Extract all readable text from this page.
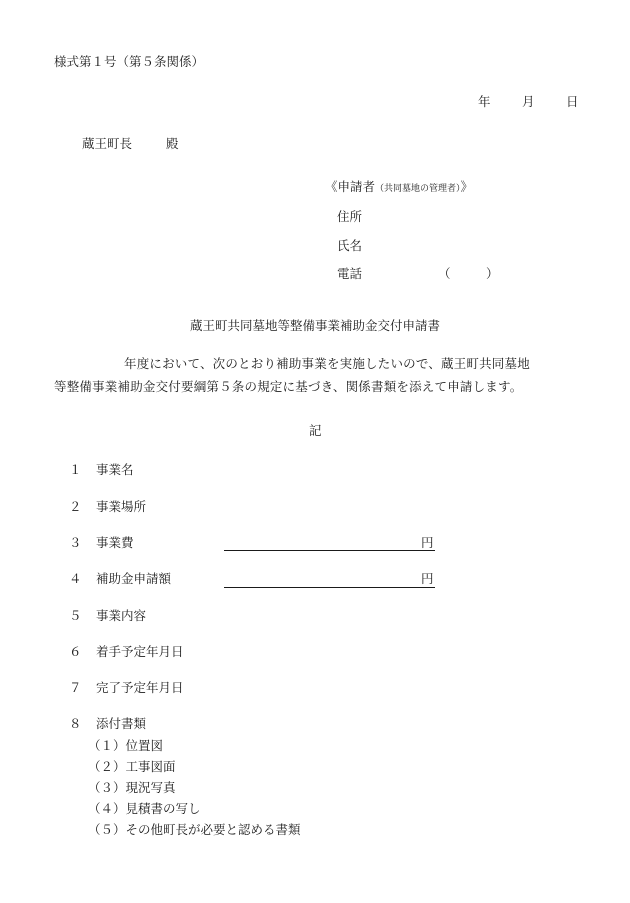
様式第１号（第５条関係）
年	月	日
蔵王町長	殿
《申請者（共同墓地の管理者）》
住所
氏名
電話	（	）
蔵王町共同墓地等整備事業補助金交付申請書
年度において、次のとおり補助事業を実施したいので、蔵王町共同墓地
等整備事業補助金交付要綱第５条の規定に基づき、関係書類を添えて申請します。
記
１ 事業名
２ 事業場所
３ 事業費	円
４ 補助金申請額	円
５ 事業内容
６ 着手予定年月日
７ 完了予定年月日
８ 添付書類
（１）位置図
（２）工事図面
（３）現況写真
（４）見積書の写し
（５）その他町長が必要と認める書類
